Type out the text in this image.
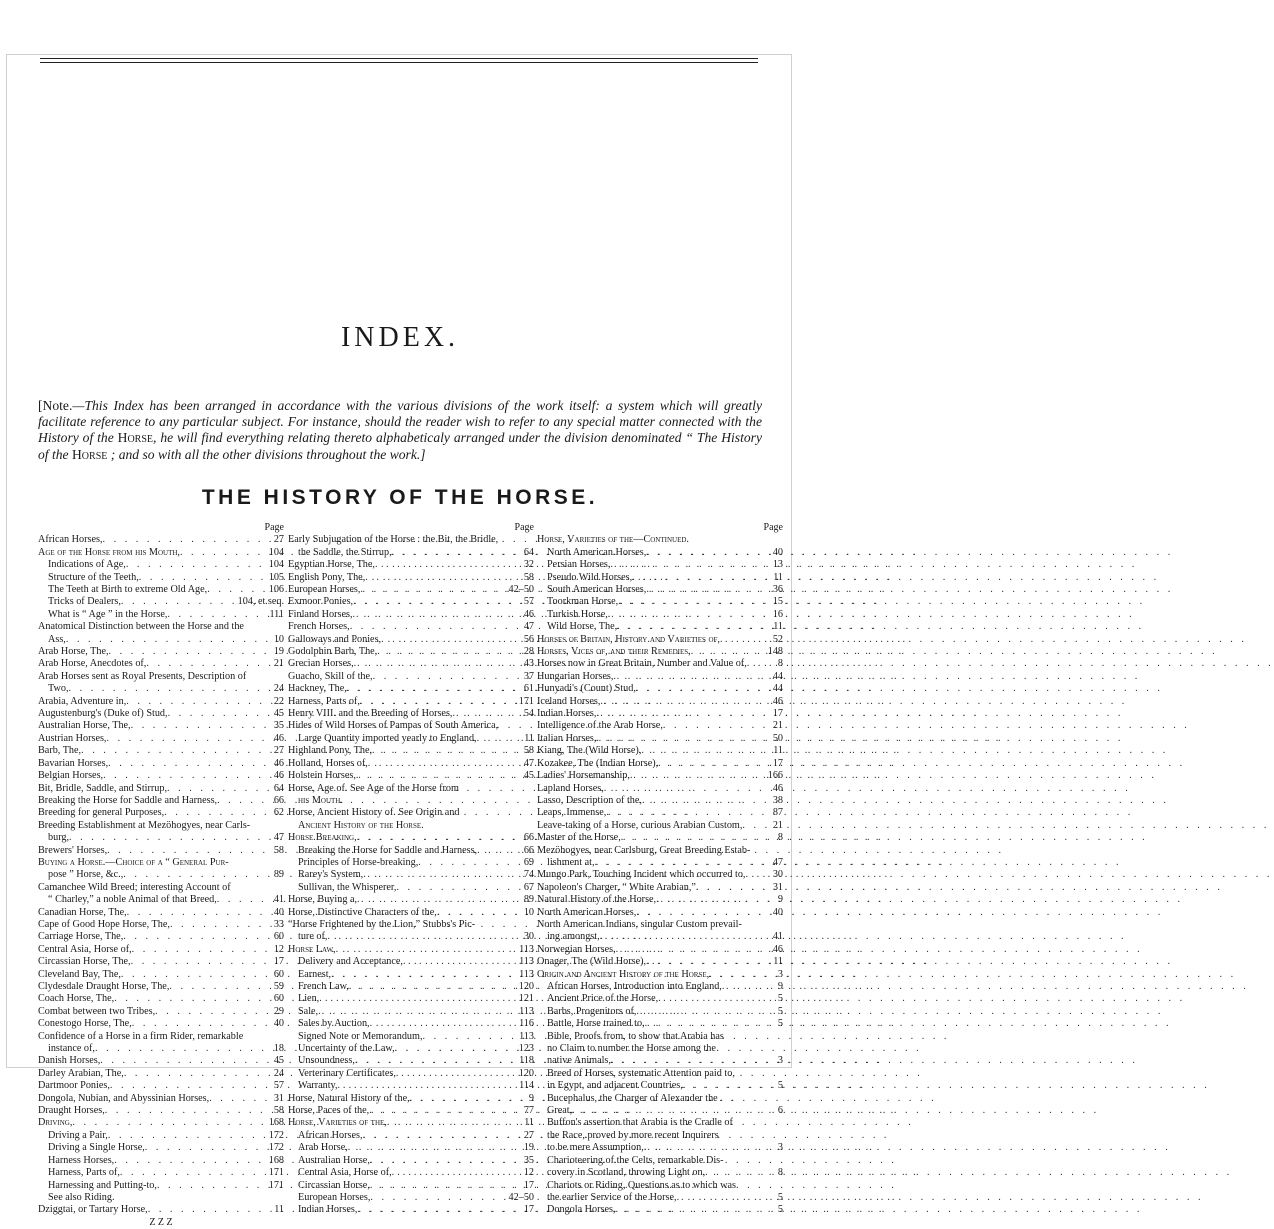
INDEX.
[Note.—This Index has been arranged in accordance with the various divisions of the work itself: a system which will greatly facilitate reference to any particular subject. For instance, should the reader wish to refer to any special matter connected with the History of the Horse, he will find everything relating thereto alphabeticaly arranged under the division denominated “ The History of the Horse ; and so with all the other divisions throughout the work.]
THE HISTORY OF THE HORSE.
Page
African Horses, . . .	27
Age of the Horse from his Mouth, . . .	104
Indications of Age, . . .	104
Structure of the Teeth, . . .	105
The Teeth at Birth to extreme Old Age, . . .	106
Tricks of Dealers, . . .	104, et seq.
What is “ Age ” in the Horse, . . .	111
Anatomical Distinction between the Horse and the
Ass, . . .	10
Arab Horse, The, . . .	19
Arab Horse, Anecdotes of, . . .	21
Arab Horses sent as Royal Presents, Description of
Two, . . .	24
Arabia, Adventure in, . . .	22
Augustenburg's (Duke of) Stud, . . .	45
Australian Horse, The, . . .	35
Austrian Horses, . . .	46
Barb, The, . . .	27
Bavarian Horses, . . .	46
Belgian Horses, . . .	46
Bit, Bridle, Saddle, and Stirrup, . . .	64
Breaking the Horse for Saddle and Harness, . . .	66
Breeding for general Purposes, . . .	62
Breeding Establishment at Mezöhogyes, near Carls-
burg, . . .	47
Brewers' Horses, . . .	58
Buying a Horse.—Choice of a “ General Pur-
pose ” Horse, &c., . . .	89
Camanchee Wild Breed; interesting Account of
“ Charley,” a noble Animal of that Breed, . . .	41
Canadian Horse, The, . . .	40
Cape of Good Hope Horse, The, . . .	33
Carriage Horse, The, . . .	60
Central Asia, Horse of, . . .	12
Circassian Horse, The, . . .	17
Cleveland Bay, The, . . .	60
Clydesdale Draught Horse, The, . . .	59
Coach Horse, The, . . .	60
Combat between two Tribes, . . .	29
Conestogo Horse, The, . . .	40
Confidence of a Horse in a firm Rider, remarkable
instance of, . . .	18
Danish Horses, . . .	45
Darley Arabian, The, . . .	24
Dartmoor Ponies, . . .	57
Dongola, Nubian, and Abyssinian Horses, . . .	31
Draught Horses, . . .	58
Driving, . . .	168
Driving a Pair, . . .	172
Driving a Single Horse, . . .	172
Harness Horses, . . .	168
Harness, Parts of, . . .	171
Harnessing and Putting-to, . . .	171
See also Riding.
Dziggtai, or Tartary Horse, . . .	11
Z Z Z
Page
Early Subjugation of the Horse : the Bit, the Bridle,
the Saddle, the Stirrup, . . .	64
Egyptian Horse, The, . . .	32
English Pony, The, . . .	58
European Horses, . . .	42–50
Exmoor Ponies, . . .	57
Finland Horses, . . .	46
French Horses, . . .	47
Galloways and Ponies, . . .	56
Godolphin Barb, The, . . .	28
Grecian Horses, . . .	43
Guacho, Skill of the, . . .	37
Hackney, The, . . .	61
Harness, Parts of, . . .	171
Henry VIII. and the Breeding of Horses, . . .	54
Hides of Wild Horses of Pampas of South America,
Large Quantity imported yearly to England, . . .	11
Highland Pony, The, . . .	58
Holland, Horses of, . . .	47
Holstein Horses, . . .	45
Horse, Age of. See Age of the Horse from
his Mouth.
Horse, Ancient History of. See Origin and
Ancient History of the Horse.
Horse Breaking, . . .	66
Breaking the Horse for Saddle and Harness, . . .	66
Principles of Horse-breaking, . . .	69
Rarey's System, . . .	74
Sullivan, the Whisperer, . . .	67
Horse, Buying a, . . .	89
Horse, Distinctive Characters of the, . . .	10
“Horse Frightened by the Lion,” Stubbs's Pic-
ture of, . . .	30
Horse Law, . . .	113
Delivery and Acceptance, . . .	113
Earnest, . . .	113
French Law, . . .	120
Lien, . . .	121
Sale, . . .	113
Sales by Auction, . . .	116
Signed Note or Memorandum, . . .	113
Uncertainty of the Law, . . .	123
Unsoundness, . . .	118
Verterinary Certificates, . . .	120
Warranty, . . .	114
Horse, Natural History of the, . . .	9
Horse, Paces of the, . . .	77
Horse, Varieties of the, . . .	11
African Horses, . . .	27
Arab Horse, . . .	19
Australian Horse, . . .	35
Central Asia, Horse of, . . .	12
Circassian Horse, . . .	17
European Horses, . . .	42–50
Indian Horses, . . .	17
Page
Horse, Varieties of the—Continued.
North American Horses, . . .	40
Persian Horses, . . .	13
Pseudo Wild Horses, . . .	11
South American Horses, . . .	36
Toorkman Horse, . . .	15
Turkish Horse, . . .	16
Wild Horse, The, . . .	11
Horses of Britain, History and Varieties of, . . .	52
Horses, Vices of, and their Remedies, . . .	148
Horses now in Great Britain, Number and Value of, . . .	8
Hungarian Horses, . . .	44
Hunyadi's (Count) Stud, . . .	44
Iceland Horses, . . .	46
Indian Horses, . . .	17
Intelligence of the Arab Horse, . . .	21
Italian Horses, . . .	50
Kiang, The (Wild Horse), . . .	11
Kozakee, The (Indian Horse), . . .	17
Ladies' Horsemanship, . . .	166
Lapland Horses, . . .	46
Lasso, Description of the, . . .	38
Leaps, Immense, . . .	87
Leave-taking of a Horse, curious Arabian Custom, . . .	21
Master of the Horse, . . .	8
Mezöhogyes, near Carlsburg, Great Breeding Estab-
lishment at, . . .	47
Mungo Park, Touching Incident which occurred to, . . .	30
Napoleon's Charger, “ White Arabian,” . . .	31
Natural History of the Horse, . . .	9
North American Horses, . . .	40
North American Indians, singular Custom prevail-
ing amongst, . . .	41
Norwegian Horses, . . .	46
Onager, The (Wild Horse), . . .	11
Origin and Ancient History of the Horse, . . .	3
African Horses, Introduction into England, . . .	9
Ancient Price of the Horse, . . .	5
Barbs, Progenitors of, . . .	5
Battle, Horse trained to, . . .	5
Bible, Proofs from, to show that Arabia has
no Claim to number the Horse among the
native Animals, . . .	3
Breed of Horses, systematic Attention paid to,
in Egypt, and adjacent Countries, . . .	5
Bucephalus, the Charger of Alexander the
Great, . . .	6
Buffon's assertion that Arabia is the Cradle of
the Race, proved by more recent Inquirers
to be mere Assumption, . . .	3
Charioteering of the Celts, remarkable Dis-
covery in Scotland, throwing Light on, . . .	8
Chariots or Riding, Questions as to which was
the earlier Service of the Horse, . . .	5
Dongola Horses, . . .	5
